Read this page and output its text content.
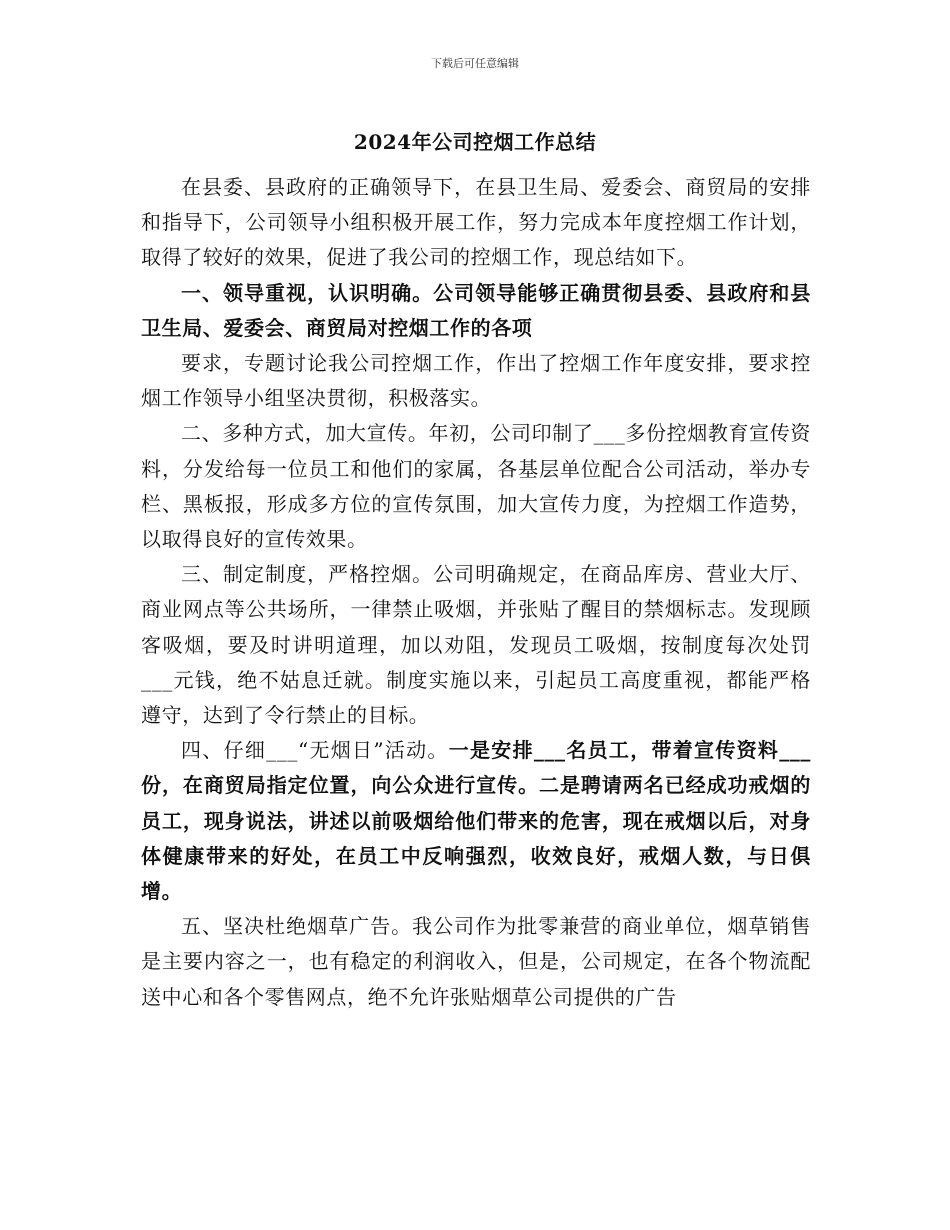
下载后可任意编辑
2024年公司控烟工作总结

在县委、县政府的正确领导下，在县卫生局、爱委会、商贸局的安排和指导下，公司领导小组积极开展工作，努力完成本年度控烟工作计划，取得了较好的效果，促进了我公司的控烟工作，现总结如下。

一、领导重视，认识明确。公司领导能够正确贯彻县委、县政府和县卫生局、爱委会、商贸局对控烟工作的各项

要求，专题讨论我公司控烟工作，作出了控烟工作年度安排，要求控烟工作领导小组坚决贯彻，积极落实。

二、多种方式，加大宣传。年初，公司印制了___多份控烟教育宣传资料，分发给每一位员工和他们的家属，各基层单位配合公司活动，举办专栏、黑板报，形成多方位的宣传氛围，加大宣传力度，为控烟工作造势，以取得良好的宣传效果。

三、制定制度，严格控烟。公司明确规定，在商品库房、营业大厅、商业网点等公共场所，一律禁止吸烟，并张贴了醒目的禁烟标志。发现顾客吸烟，要及时讲明道理，加以劝阻，发现员工吸烟，按制度每次处罚___元钱，绝不姑息迁就。制度实施以来，引起员工高度重视，都能严格遵守，达到了令行禁止的目标。

四、仔细___“无烟日”活动。一是安排___名员工，带着宣传资料___份，在商贸局指定位置，向公众进行宣传。二是聘请两名已经成功戒烟的员工，现身说法，讲述以前吸烟给他们带来的危害，现在戒烟以后，对身体健康带来的好处，在员工中反响强烈，收效良好，戒烟人数，与日俱增。

五、坚决杜绝烟草广告。我公司作为批零兼营的商业单位，烟草销售是主要内容之一，也有稳定的利润收入，但是，公司规定，在各个物流配送中心和各个零售网点，绝不允许张贴烟草公司提供的广告
